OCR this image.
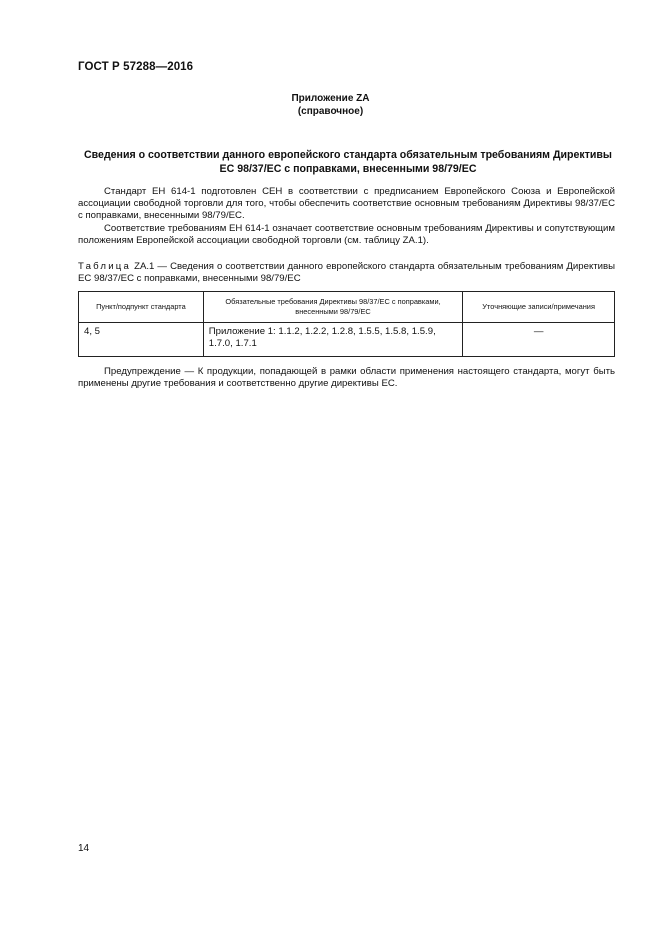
ГОСТ Р 57288—2016
Приложение ZA
(справочное)
Сведения о соответствии данного европейского стандарта обязательным требованиям Директивы ЕС 98/37/ЕС с поправками, внесенными 98/79/ЕС

Стандарт ЕН 614-1 подготовлен СЕН в соответствии с предписанием Европейского Союза и Европейской ассоциации свободной торговли для того, чтобы обеспечить соответствие основным требованиям Директивы 98/37/ЕС с поправками, внесенными 98/79/ЕС.

Соответствие требованиям ЕН 614-1 означает соответствие основным требованиям Директивы и сопутствующим положениям Европейской ассоциации свободной торговли (см. таблицу ZA.1).

Таблица ZA.1 — Сведения о соответствии данного европейского стандарта обязательным требованиям Директивы ЕС 98/37/ЕС с поправками, внесенными 98/79/ЕС
Пункт/подпункт стандарта	Обязательные требования Директивы 98/37/ЕС с поправками, внесенными 98/79/ЕС	Уточняющие записи/примечания
4, 5	Приложение 1: 1.1.2, 1.2.2, 1.2.8, 1.5.5, 1.5.8, 1.5.9, 1.7.0, 1.7.1	—

Предупреждение — К продукции, попадающей в рамки области применения настоящего стандарта, могут быть применены другие требования и соответственно другие директивы ЕС.

14
